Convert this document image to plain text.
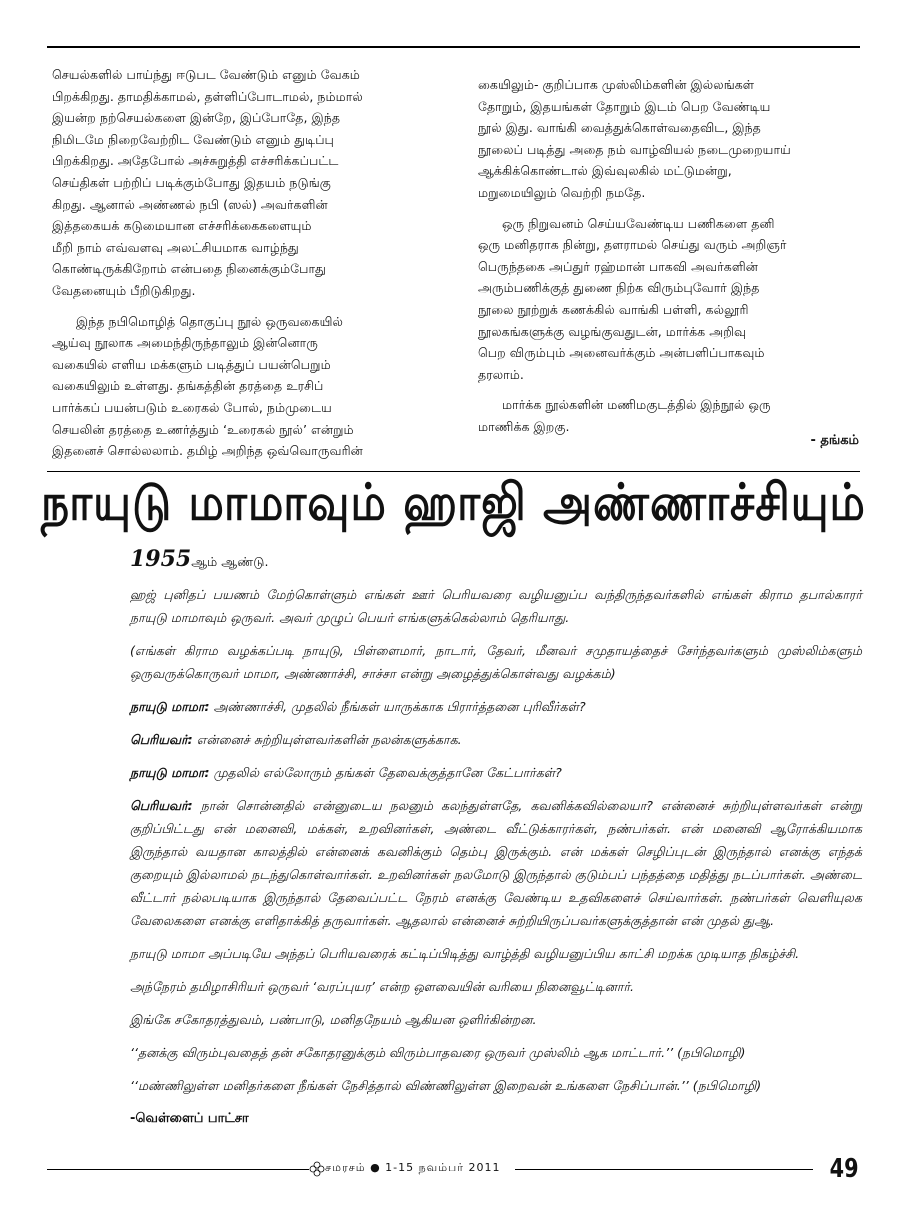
செயல்களில் பாய்ந்து ஈடுபட வேண்டும் எனும் வேகம்
பிறக்கிறது. தாமதிக்காமல், தள்ளிப்போடாமல், நம்மால்
இயன்ற நற்செயல்களை இன்றே, இப்போதே, இந்த
நிமிடமே நிறைவேற்றிட வேண்டும் எனும் துடிப்பு
பிறக்கிறது. அதேபோல் அச்சுறுத்தி எச்சரிக்கப்பட்ட
செய்திகள் பற்றிப் படிக்கும்போது இதயம் நடுங்கு
கிறது. ஆனால் அண்ணல் நபி (ஸல்) அவர்களின்
இத்தகையக் கடுமையான எச்சரிக்கைகளையும்
மீறி நாம் எவ்வளவு அலட்சியமாக வாழ்ந்து
கொண்டிருக்கிறோம் என்பதை நினைக்கும்போது
வேதனையும் பீறிடுகிறது.
இந்த நபிமொழித் தொகுப்பு நூல் ஒருவகையில்
ஆய்வு நூலாக அமைந்திருந்தாலும் இன்னொரு
வகையில் எளிய மக்களும் படித்துப் பயன்பெறும்
வகையிலும் உள்ளது. தங்கத்தின் தரத்தை உரசிப்
பார்க்கப் பயன்படும் உரைகல் போல், நம்முடைய
செயலின் தரத்தை உணர்த்தும் ‘உரைகல் நூல்’ என்றும்
இதனைச் சொல்லலாம். தமிழ் அறிந்த ஒவ்வொருவரின்
கையிலும்- குறிப்பாக முஸ்லிம்களின் இல்லங்கள்
தோறும், இதயங்கள் தோறும் இடம் பெற வேண்டிய
நூல் இது. வாங்கி வைத்துக்கொள்வதைவிட, இந்த
நூலைப் படித்து அதை நம் வாழ்வியல் நடைமுறையாய்
ஆக்கிக்கொண்டால் இவ்வுலகில் மட்டுமன்று,
மறுமையிலும் வெற்றி நமதே.
ஒரு நிறுவனம் செய்யவேண்டிய பணிகளை தனி
ஒரு மனிதராக நின்று, தளராமல் செய்து வரும் அறிஞர்
பெருந்தகை அப்துர் ரஹ்மான் பாகவி அவர்களின்
அரும்பணிக்குத் துணை நிற்க விரும்புவோர் இந்த
நூலை நூற்றுக் கணக்கில் வாங்கி பள்ளி, கல்லூரி
நூலகங்களுக்கு வழங்குவதுடன், மார்க்க அறிவு
பெற விரும்பும் அனைவர்க்கும் அன்பளிப்பாகவும்
தரலாம்.
மார்க்க நூல்களின் மணிமகுடத்தில் இந்நூல் ஒரு
மாணிக்க இறகு.
- தங்கம்
நாயுடு மாமாவும் ஹாஜி அண்ணாச்சியும்

1955ஆம் ஆண்டு.

ஹஜ் புனிதப் பயணம் மேற்கொள்ளும் எங்கள் ஊர் பெரியவரை வழியனுப்ப வந்திருந்தவர்களில் எங்கள் கிராம தபால்காரர் நாயுடு மாமாவும் ஒருவர். அவர் முழுப் பெயர் எங்களுக்கெல்லாம் தெரியாது.

(எங்கள் கிராம வழக்கப்படி நாயுடு, பிள்ளைமார், நாடார், தேவர், மீனவர் சமுதாயத்தைச் சேர்ந்தவர்களும் முஸ்லிம்களும் ஒருவருக்கொருவர் மாமா, அண்ணாச்சி, சாச்சா என்று அழைத்துக்கொள்வது வழக்கம்)

நாயுடு மாமா: அண்ணாச்சி, முதலில் நீங்கள் யாருக்காக பிரார்த்தனை புரிவீர்கள்?

பெரியவர்: என்னைச் சுற்றியுள்ளவர்களின் நலன்களுக்காக.

நாயுடு மாமா: முதலில் எல்லோரும் தங்கள் தேவைக்குத்தானே கேட்பார்கள்?

பெரியவர்: நான் சொன்னதில் என்னுடைய நலனும் கலந்துள்ளதே, கவனிக்கவில்லையா? என்னைச் சுற்றியுள்ளவர்கள் என்று குறிப்பிட்டது என் மனைவி, மக்கள், உறவினர்கள், அண்டை வீட்டுக்காரர்கள், நண்பர்கள். என் மனைவி ஆரோக்கியமாக இருந்தால் வயதான காலத்தில் என்னைக் கவனிக்கும் தெம்பு இருக்கும். என் மக்கள் செழிப்புடன் இருந்தால் எனக்கு எந்தக் குறையும் இல்லாமல் நடந்துகொள்வார்கள். உறவினர்கள் நலமோடு இருந்தால் குடும்பப் பந்தத்தை மதித்து நடப்பார்கள். அண்டை வீட்டார் நல்லபடியாக இருந்தால் தேவைப்பட்ட நேரம் எனக்கு வேண்டிய உதவிகளைச் செய்வார்கள். நண்பர்கள் வெளியுலக வேலைகளை எனக்கு எளிதாக்கித் தருவார்கள். ஆதலால் என்னைச் சுற்றியிருப்பவர்களுக்குத்தான் என் முதல் துஆ.

நாயுடு மாமா அப்படியே அந்தப் பெரியவரைக் கட்டிப்பிடித்து வாழ்த்தி வழியனுப்பிய காட்சி மறக்க முடியாத நிகழ்ச்சி.

அந்நேரம் தமிழாசிரியர் ஒருவர் ‘வரப்புயர’ என்ற ஔவையின் வரியை நினைவூட்டினார்.

இங்கே சகோதரத்துவம், பண்பாடு, மனிதநேயம் ஆகியன ஒளிர்கின்றன.

‘‘தனக்கு விரும்புவதைத் தன் சகோதரனுக்கும் விரும்பாதவரை ஒருவர் முஸ்லிம் ஆக மாட்டார்.’’ (நபிமொழி)

‘‘மண்ணிலுள்ள மனிதர்களை நீங்கள் நேசித்தால் விண்ணிலுள்ள இறைவன் உங்களை நேசிப்பான்.’’ (நபிமொழி)

-வெள்ளைப் பாட்சா

சமரசம் ● 1-15 நவம்பர் 2011	49
